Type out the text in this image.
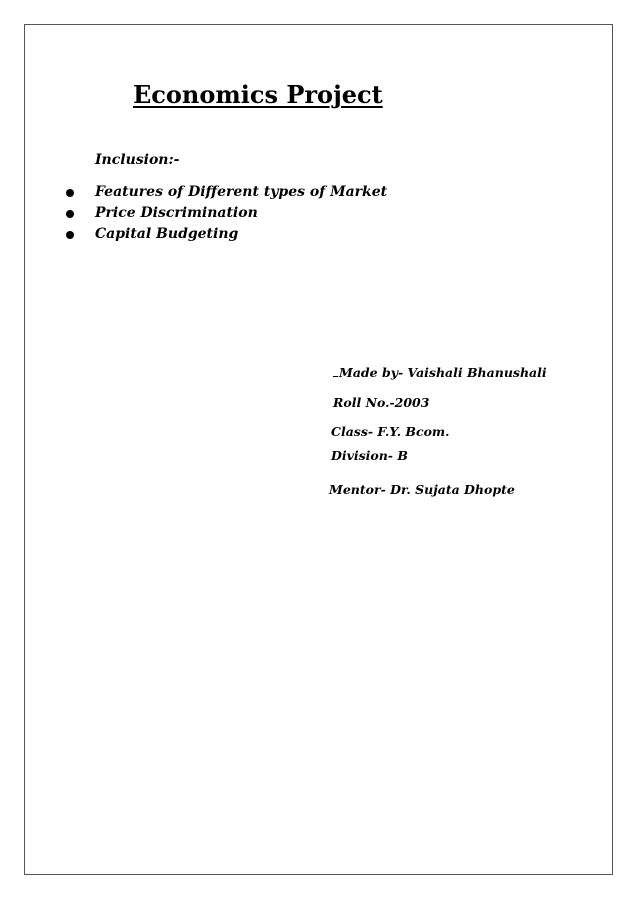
Economics Project
Inclusion:-
Features of Different types of Market
Price Discrimination
Capital Budgeting
Made by- Vaishali Bhanushali
Roll No.-2003
Class- F.Y. Bcom.
Division- B
Mentor- Dr. Sujata Dhopte
